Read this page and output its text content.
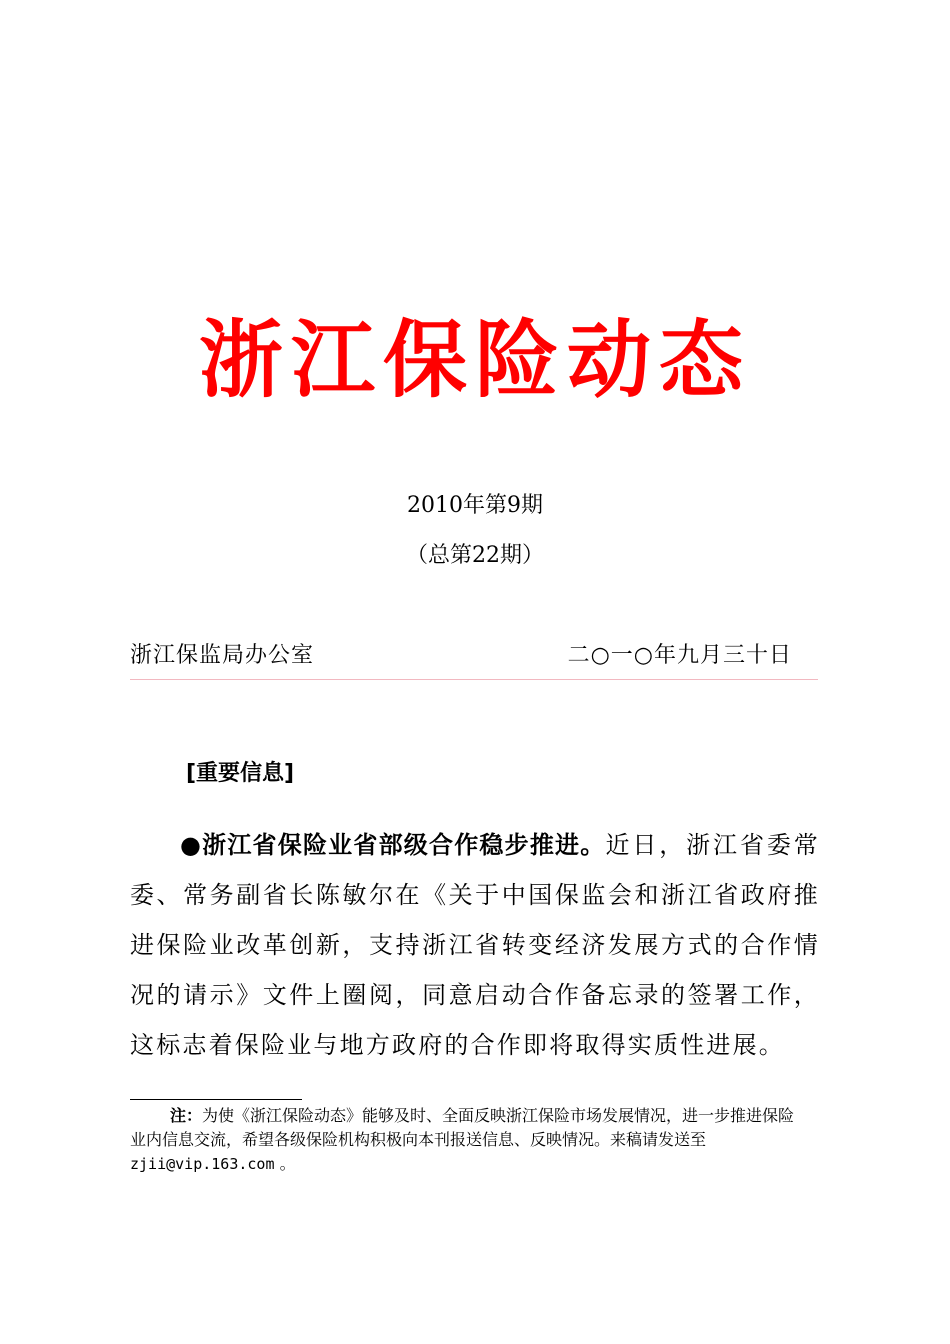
浙江保险动态
2010年第9期
（总第22期）
浙江保监局办公室	二○一○年九月三十日
[重要信息]

●浙江省保险业省部级合作稳步推进。近日，浙江省委常委、常务副省长陈敏尔在《关于中国保监会和浙江省政府推进保险业改革创新，支持浙江省转变经济发展方式的合作情况的请示》文件上圈阅，同意启动合作备忘录的签署工作，这标志着保险业与地方政府的合作即将取得实质性进展。

注：为使《浙江保险动态》能够及时、全面反映浙江保险市场发展情况，进一步推进保险业内信息交流，希望各级保险机构积极向本刊报送信息、反映情况。来稿请发送至zjii@vip.163.com 。
